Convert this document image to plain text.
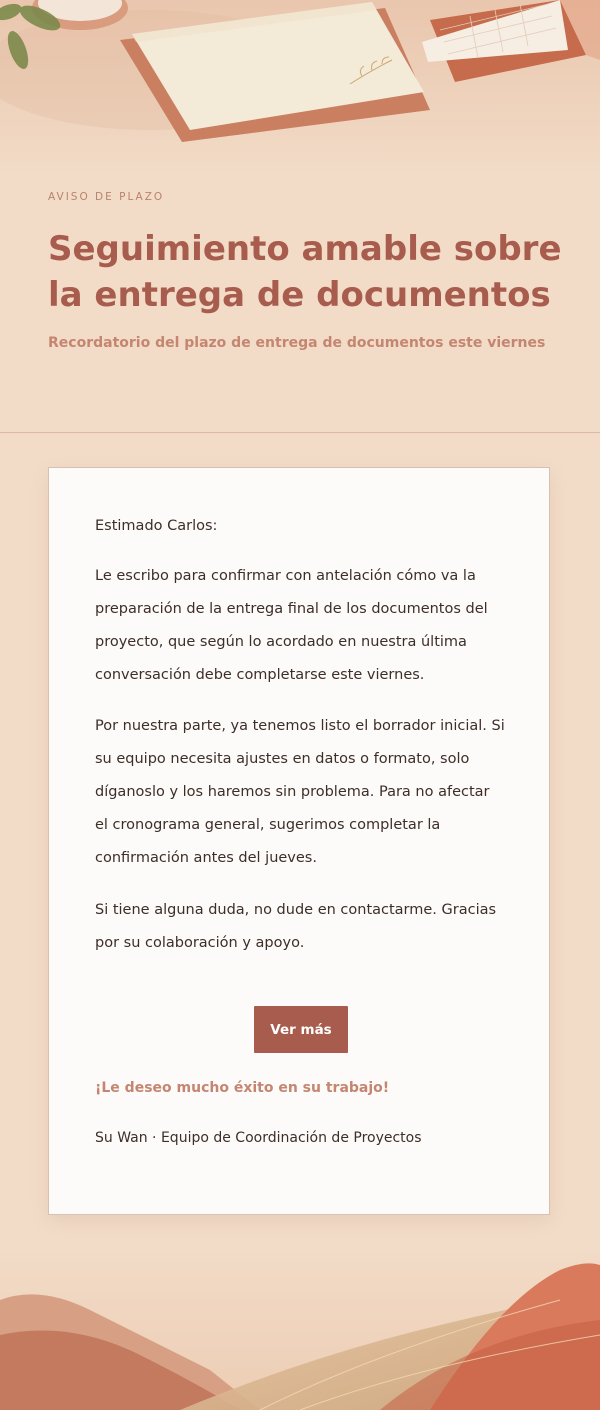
AVISO DE PLAZO
Seguimiento amable sobre la entrega de documentos
Recordatorio del plazo de entrega de documentos este viernes

Estimado Carlos:

Le escribo para confirmar con antelación cómo va la preparación de la entrega final de los documentos del proyecto, que según lo acordado en nuestra última conversación debe completarse este viernes.

Por nuestra parte, ya tenemos listo el borrador inicial. Si su equipo necesita ajustes en datos o formato, solo díganoslo y los haremos sin problema. Para no afectar el cronograma general, sugerimos completar la confirmación antes del jueves.

Si tiene alguna duda, no dude en contactarme. Gracias por su colaboración y apoyo.

Ver más
¡Le deseo mucho éxito en su trabajo!
Su Wan · Equipo de Coordinación de Proyectos
